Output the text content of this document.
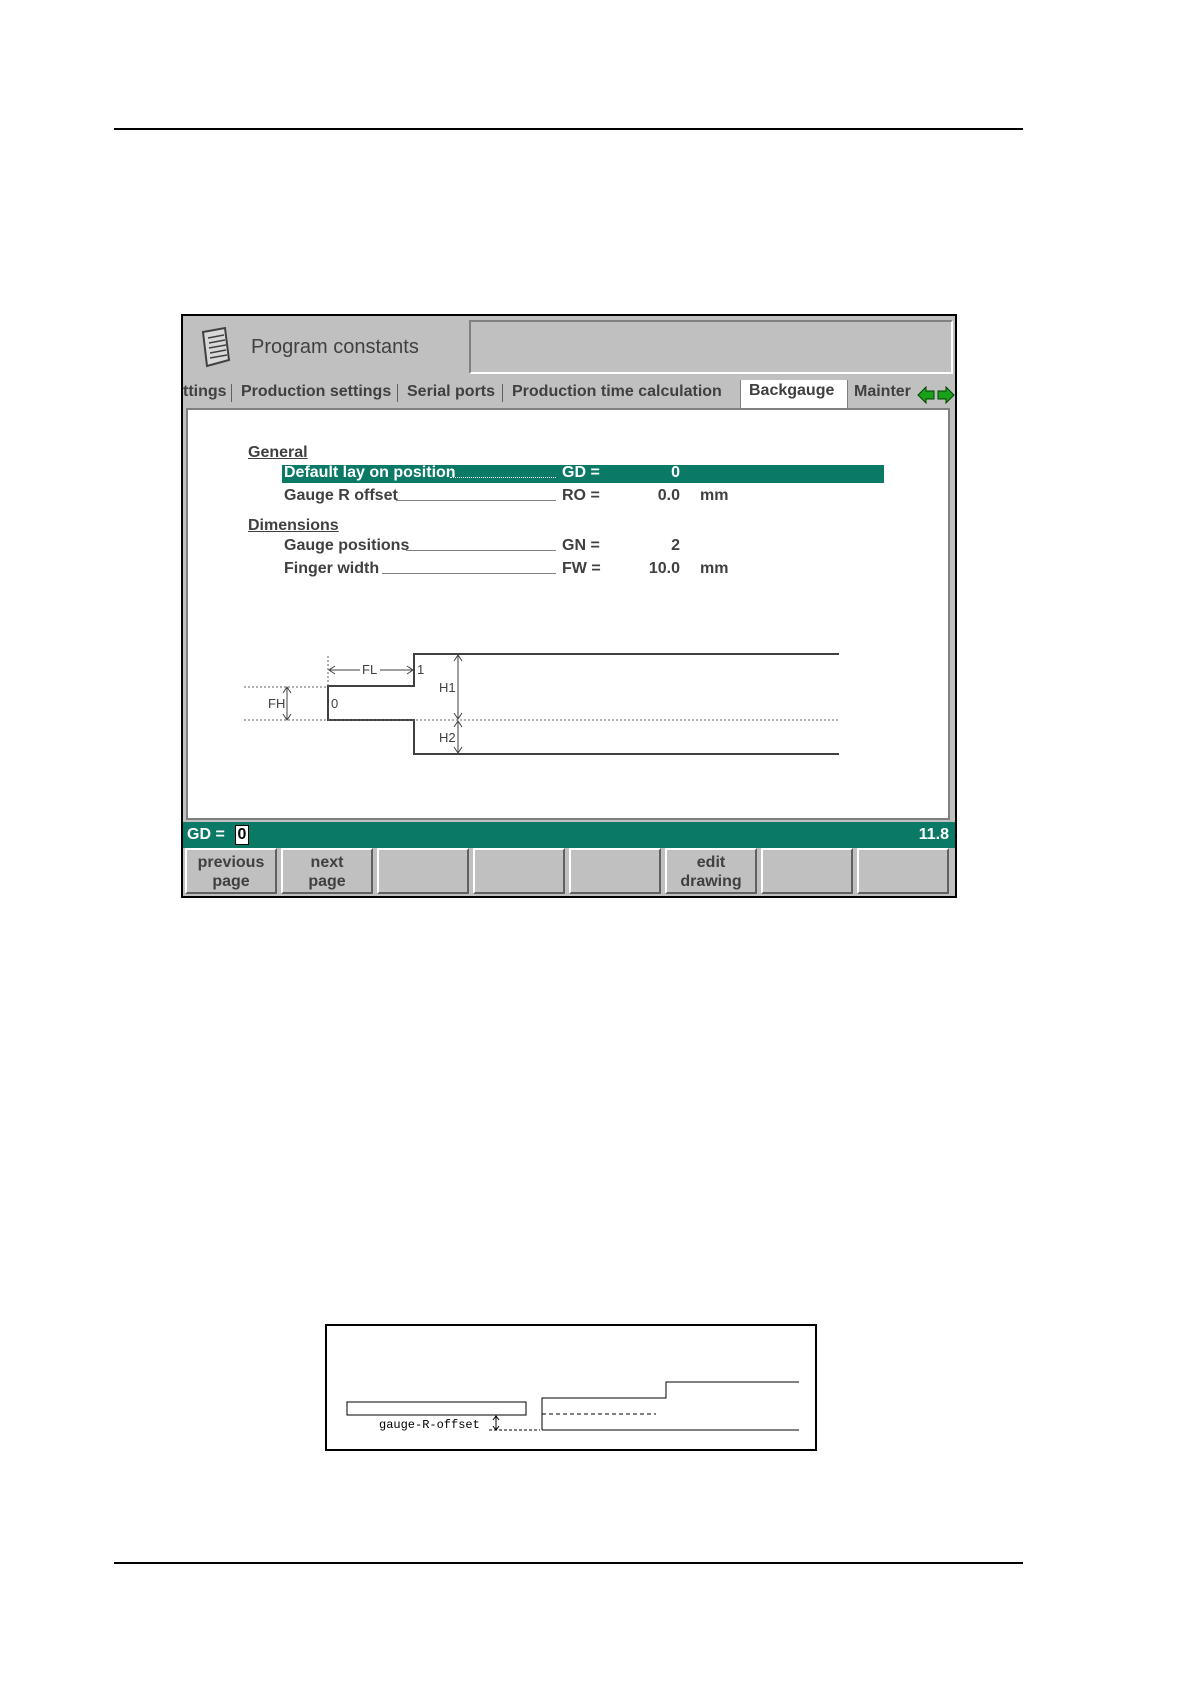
Program constants
ttings Production settings Serial ports Production time calculation Backgauge Mainter
General
Default lay on position	GD =	0
Gauge R offset	RO =	0.0 mm
Dimensions
Gauge positions	GN =	2
Finger width	FW =	10.0 mm
FL	1
FH	0
H1
H2
GD = 0	11.8
previous
page
next
page
edit
drawing
gauge-R-offset
